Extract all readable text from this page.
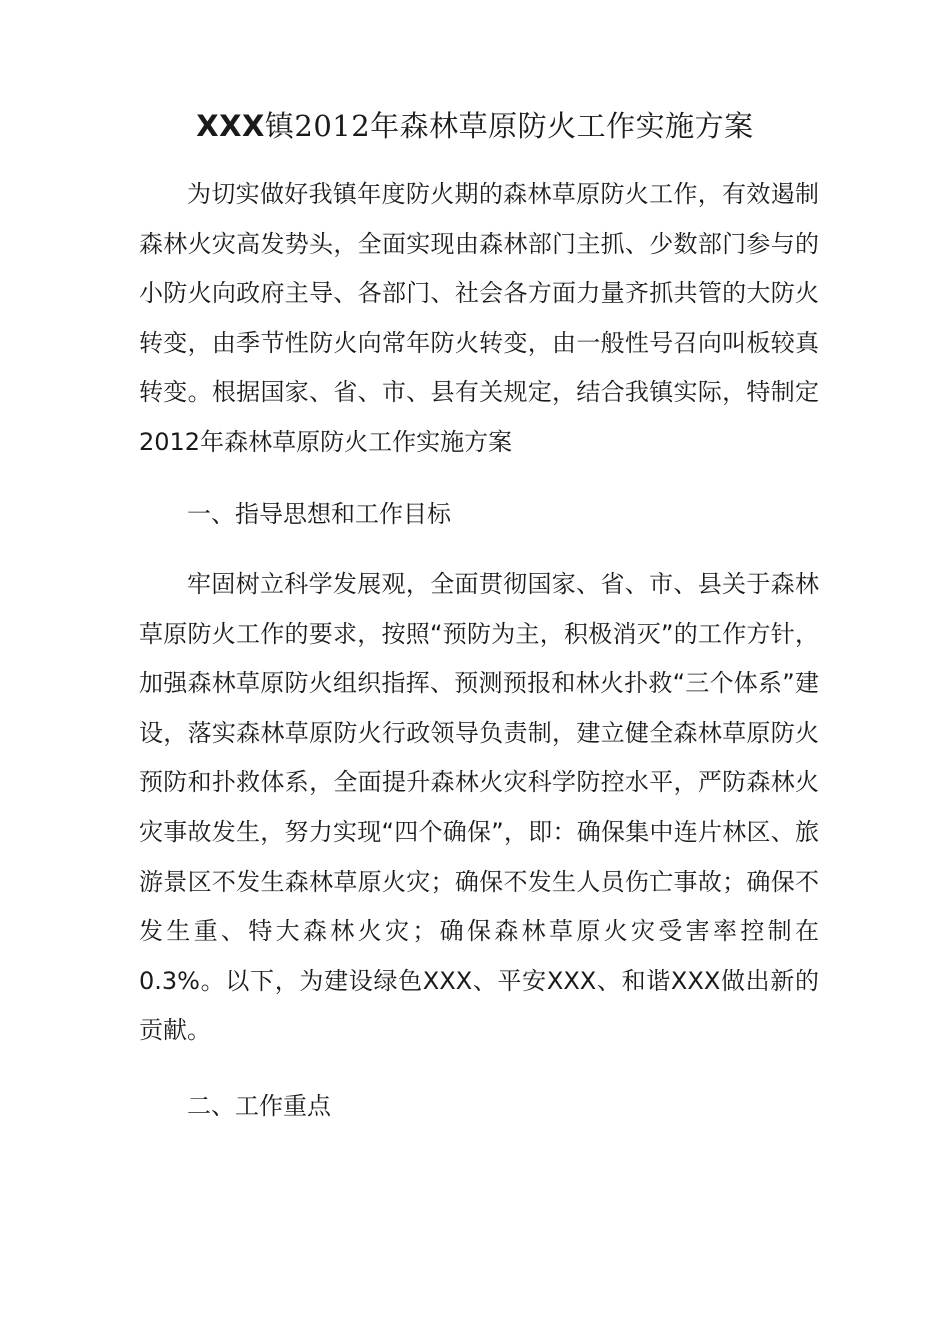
XXX镇2012年森林草原防火工作实施方案

为切实做好我镇年度防火期的森林草原防火工作，有效遏制森林火灾高发势头，全面实现由森林部门主抓、少数部门参与的小防火向政府主导、各部门、社会各方面力量齐抓共管的大防火转变，由季节性防火向常年防火转变，由一般性号召向叫板较真转变。根据国家、省、市、县有关规定，结合我镇实际，特制定2012年森林草原防火工作实施方案

一、指导思想和工作目标

牢固树立科学发展观，全面贯彻国家、省、市、县关于森林草原防火工作的要求，按照“预防为主，积极消灭”的工作方针，加强森林草原防火组织指挥、预测预报和林火扑救“三个体系”建设，落实森林草原防火行政领导负责制，建立健全森林草原防火预防和扑救体系，全面提升森林火灾科学防控水平，严防森林火灾事故发生，努力实现“四个确保”，即：确保集中连片林区、旅游景区不发生森林草原火灾；确保不发生人员伤亡事故；确保不发生重、特大森林火灾；确保森林草原火灾受害率控制在0.3%。以下，为建设绿色XXX、平安XXX、和谐XXX做出新的贡献。

二、工作重点
